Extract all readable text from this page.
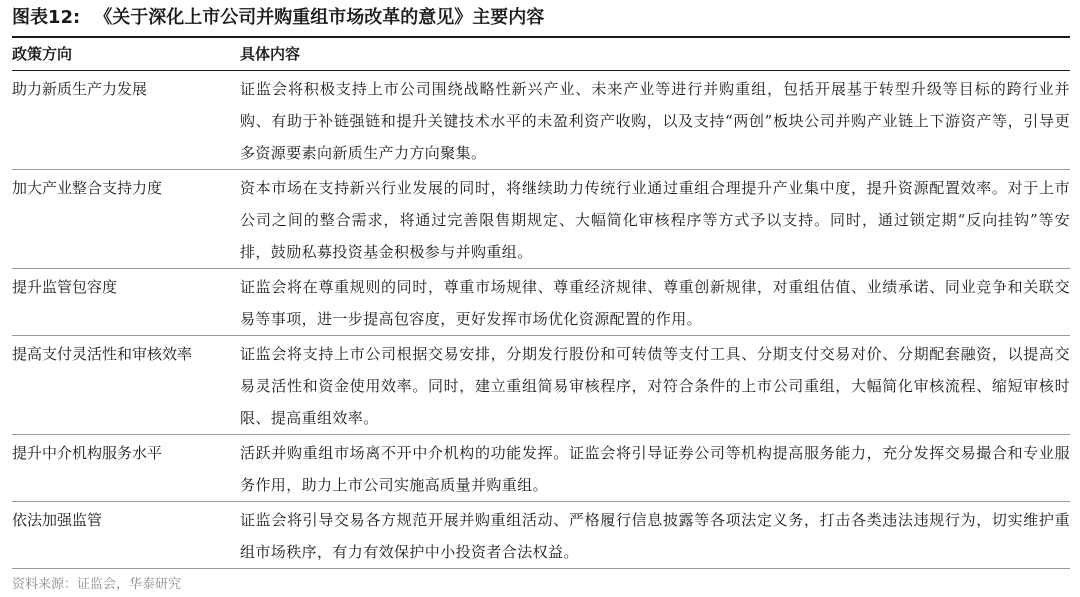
图表12: 《关于深化上市公司并购重组市场改革的意见》主要内容
政策方向	具体内容
助力新质生产力发展	证监会将积极支持上市公司围绕战略性新兴产业、未来产业等进行并购重组，包括开展基于转型升级等目标的跨行业并购、有助于补链强链和提升关键技术水平的未盈利资产收购，以及支持“两创”板块公司并购产业链上下游资产等，引导更多资源要素向新质生产力方向聚集。
加大产业整合支持力度	资本市场在支持新兴行业发展的同时，将继续助力传统行业通过重组合理提升产业集中度，提升资源配置效率。对于上市公司之间的整合需求，将通过完善限售期规定、大幅简化审核程序等方式予以支持。同时，通过锁定期“反向挂钩”等安排，鼓励私募投资基金积极参与并购重组。
提升监管包容度	证监会将在尊重规则的同时，尊重市场规律、尊重经济规律、尊重创新规律，对重组估值、业绩承诺、同业竞争和关联交易等事项，进一步提高包容度，更好发挥市场优化资源配置的作用。
提高支付灵活性和审核效率	证监会将支持上市公司根据交易安排，分期发行股份和可转债等支付工具、分期支付交易对价、分期配套融资，以提高交易灵活性和资金使用效率。同时，建立重组简易审核程序，对符合条件的上市公司重组，大幅简化审核流程、缩短审核时限、提高重组效率。
提升中介机构服务水平	活跃并购重组市场离不开中介机构的功能发挥。证监会将引导证券公司等机构提高服务能力，充分发挥交易撮合和专业服务作用，助力上市公司实施高质量并购重组。
依法加强监管	证监会将引导交易各方规范开展并购重组活动、严格履行信息披露等各项法定义务，打击各类违法违规行为，切实维护重组市场秩序，有力有效保护中小投资者合法权益。
资料来源：证监会，华泰研究
